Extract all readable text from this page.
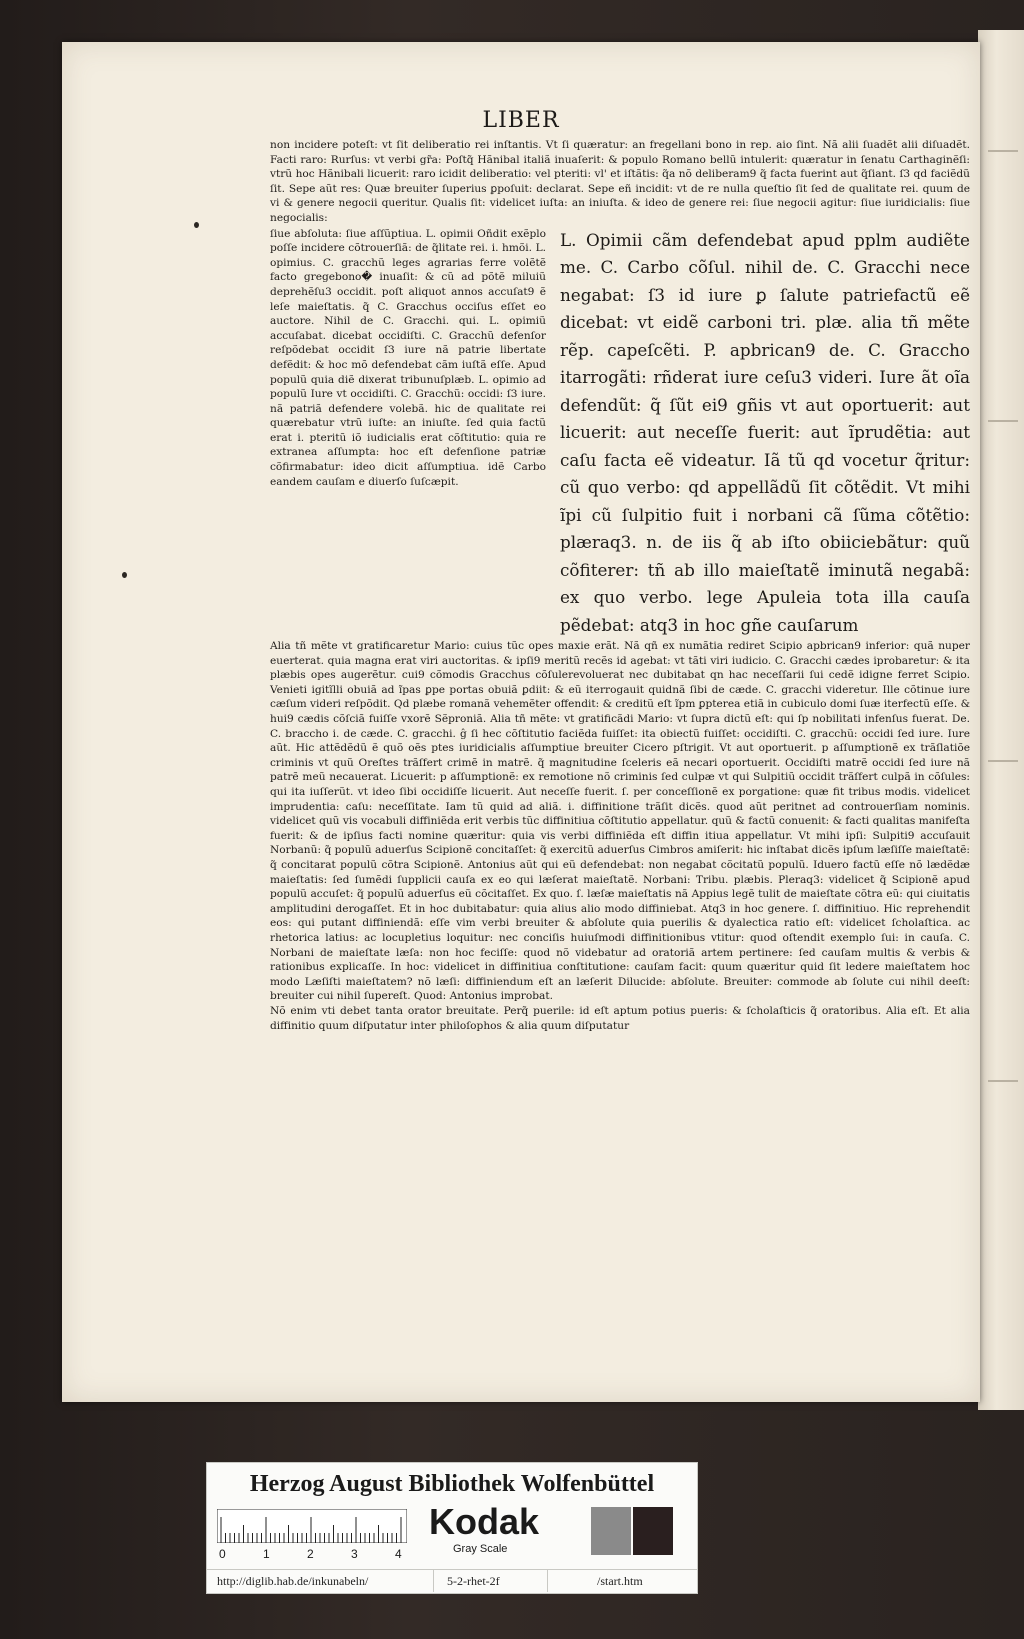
LIBER

non incidere poteſt: vt ſit deliberatio rei inſtantis. Vt ſi quæratur: an fregellani bono in rep. aio ſint. Nã alii ſuadẽt alii diſuadẽt. Facti raro: Rurſus: vt verbi gr̃a: Poſtq̃ Hãnibal italiã inuaſerit: & populo Romano bellũ intulerit: quæratur in ſenatu Carthaginẽſi: vtrũ hoc Hãnibali licuerit: raro icidit deliberatio: vel pteriti: vl' et iſtãtis: q̃a nõ deliberam9 q̃ facta fuerint aut q̃ſiant. ſ3 qd faciẽdũ ſit. Sepe aũt res: Quæ breuiter ſuperius ꝑpoſuit: declarat. Sepe eñ incidit: vt de re nulla queſtio ſit ſed de qualitate rei. quum de vi & genere negocii queritur. Qualis ſit: videlicet iuſta: an iniuſta. & ideo de genere rei: ſiue negocii agitur: ſiue iuridicialis: ſiue negocialis:

ſiue abſoluta: ſiue aſſũptiua. L. opimii Oñdit exẽplo poſſe incidere cõtrouerſiã: de q̃litate rei. i. hmõi. L. opimius. C. gracchũ leges agrarias ferre volẽtẽ facto gregebono� inuaſit: & cũ ad põtẽ miluiũ deprehẽſu3 occidit. poſt aliquot annos accuſat9 ẽ leſe maieſtatis. q̃ C. Gracchus occiſus eſſet eo auctore. Nihil de C. Gracchi. qui. L. opimiũ accuſabat. dicebat occidiſti. C. Gracchũ defenſor reſpõdebat occidit ſ3 iure nã patrie libertate defẽdit: & hoc mõ defendebat cãm iuſtã eſſe. Apud populũ quia diẽ dixerat tribunuſplæb. L. opimio ad populũ Iure vt occidiſti. C. Gracchũ: occidi: ſ3 iure. nã patriã defendere volebã. hic de qualitate rei quærebatur vtrũ iuſte: an iniuſte. ſed quia factũ erat i. pteritũ iõ iudicialis erat cõſtitutio: quia re extranea aſſumpta: hoc eſt defenſione patriæ cõfirmabatur: ideo dicit aſſumptiua. idẽ Carbo eandem cauſam e diuerſo ſuſcæpit.
L. Opimii cãm defendebat apud pplm audiẽte me. C. Carbo cõſul. nihil de. C. Gracchi nece negabat: ſ3 id iure ꝑ ſalute patriefactũ eẽ dicebat: vt eidẽ carboni tri. plæ. alia tñ mẽte rẽp. capeſcẽti. P. apbrican9 de. C. Graccho itarrogãti: rñderat iure ceſu3 videri. Iure ãt oĩa defendũt: q̃ ſũt ei9 gñis vt aut oportuerit: aut licuerit: aut neceſſe fuerit: aut ĩprudẽtia: aut caſu facta eẽ videatur. Iã tũ qd vocetur q̃ritur: cũ quo verbo: qd appellãdũ ſit cõtẽdit. Vt mihi ĩpi cũ ſulpitio fuit i norbani cã ſũma cõtẽtio: plæraq3. n. de iis q̃ ab iſto obiiciebãtur: quũ cõfiterer: tñ ab illo maieſtatẽ iminutã negabã: ex quo verbo. lege Apuleia tota illa cauſa pẽdebat: atq3 in hoc gñe cauſarum

Alia tñ mẽte vt gratificaretur Mario: cuius tũc opes maxie erãt. Nã qñ ex numãtia rediret Scipio apbrican9 inferior: quã nuper euerterat. quia magna erat viri auctoritas. & ipſi9 meritũ recẽs id agebat: vt tãti viri iudicio. C. Gracchi cædes iprobaretur: & ita plæbis opes augerẽtur. cui9 cõmodis Gracchus cõſulerevoluerat nec dubitabat qn hac neceſſarii ſui cedẽ idigne ferret Scipio. Venieti igitĩlli obuiã ad ĩpas ꝑpe portas obuiã ꝑdiit: & eũ iterrogauit quidnã ſibi de cæde. C. gracchi videretur. Ille cõtinue iure cæſum videri reſpõdit. Qd plæbe romanã vehemẽter offendit: & creditũ eſt ĩpm ꝑpterea etiã in cubiculo domi ſuæ iterfectũ eſſe. & hui9 cædis cõſciã fuiſſe vxorẽ Sẽproniã. Alia tñ mẽte: vt gratificãdi Mario: vt ſupra dictũ eſt: qui ſp nobilitati infenſus fuerat. De. C. braccho i. de cæde. C. gracchi. ĝ ſi hec cõſtitutio faciẽda fuiſſet: ita obiectũ fuiſſet: occidiſti. C. gracchũ: occidi ſed iure. Iure aũt. Hic attẽdẽdũ ẽ quõ oẽs ptes iuridicialis aſſumptiue breuiter Cicero pſtrigit. Vt aut oportuerit. p aſſumptionẽ ex trãſlatiõe criminis vt quũ Oreſtes trãſfert crimẽ in matrẽ. q̃ magnitudine ſceleris eã necari oportuerit. Occidiſti matrẽ occidi ſed iure nã patrẽ meũ necauerat. Licuerit: p aſſumptionẽ: ex remotione nõ criminis ſed culpæ vt qui Sulpitiũ occidit trãſfert culpã in cõſules: qui ita iuſſerũt. vt ideo ſibi occidiſſe licuerit. Aut neceſſe fuerit. ſ. per conceſſionẽ ex porgatione: quæ fit tribus modis. videlicet imprudentia: caſu: neceſſitate. Iam tũ quid ad aliã. i. diffinitione trãſit dicẽs. quod aũt peritnet ad controuerſiam nominis. videlicet quũ vis vocabuli diffiniẽda erit verbis tũc diffinitiua cõſtitutio appellatur. quũ & factũ conuenit: & facti qualitas manifeſta fuerit: & de ipſius facti nomine quæritur: quia vis verbi diffiniẽda eſt diffin itiua appellatur. Vt mihi ipſi: Sulpiti9 accuſauit Norbanũ: q̃ populũ aduerſus Scipionẽ concitaſſet: q̃ exercitũ aduerſus Cimbros amiſerit: hic inſtabat dicẽs ipſum læſiſſe maieſtatẽ: q̃ concitarat populũ cõtra Scipionẽ. Antonius aũt qui eũ defendebat: non negabat cõcitatũ populũ. Iduero factũ eſſe nõ lædẽdæ maieſtatis: ſed ſumẽdi ſupplicii cauſa ex eo qui læſerat maieſtatẽ. Norbani: Tribu. plæbis. Pleraq3: videlicet q̃ Scipionẽ apud populũ accuſet: q̃ populũ aduerſus eũ cõcitaſſet. Ex quo. ſ. læſæ maieſtatis nã Appius legẽ tulit de maieſtate cõtra eũ: qui ciuitatis amplitudini derogaſſet. Et in hoc dubitabatur: quia alius alio modo diffiniebat. Atq3 in hoc genere. ſ. diffinitiuo. Hic reprehendit eos: qui putant diffiniendã: eſſe vim verbi breuiter & abſolute quia puerilis & dyalectica ratio eſt: videlicet ſcholaſtica. ac rhetorica latius: ac locupletius loquitur: nec conciſis huiuſmodi diffinitionibus vtitur: quod oſtendit exemplo ſui: in cauſa. C. Norbani de maieſtate læſa: non hoc feciſſe: quod nõ videbatur ad oratoriã artem pertinere: ſed cauſam multis & verbis & rationibus explicaſſe. In hoc: videlicet in diffinitiua conſtitutione: cauſam facit: quum quæritur quid ſit ledere maieſtatem hoc modo Læſiſti maieſtatem? nõ læſi: diffiniendum eſt an læſerit Dilucide: abſolute. Breuiter: commode ab ſolute cui nihil deeſt: breuiter cui nihil ſupereſt. Quod: Antonius improbat.

Nõ enim vti debet tanta orator breuitate. Perq̃ puerile: id eſt aptum potius pueris: & ſcholaſticis q̃ oratoribus. Alia eſt. Et alia diffinitio quum diſputatur inter philoſophos & alia quum diſputatur

Herzog August Bibliothek Wolfenbüttel
0	1	2	3	4
Kodak
Gray Scale
http://diglib.hab.de/inkunabeln/	5-2-rhet-2f	/start.htm
